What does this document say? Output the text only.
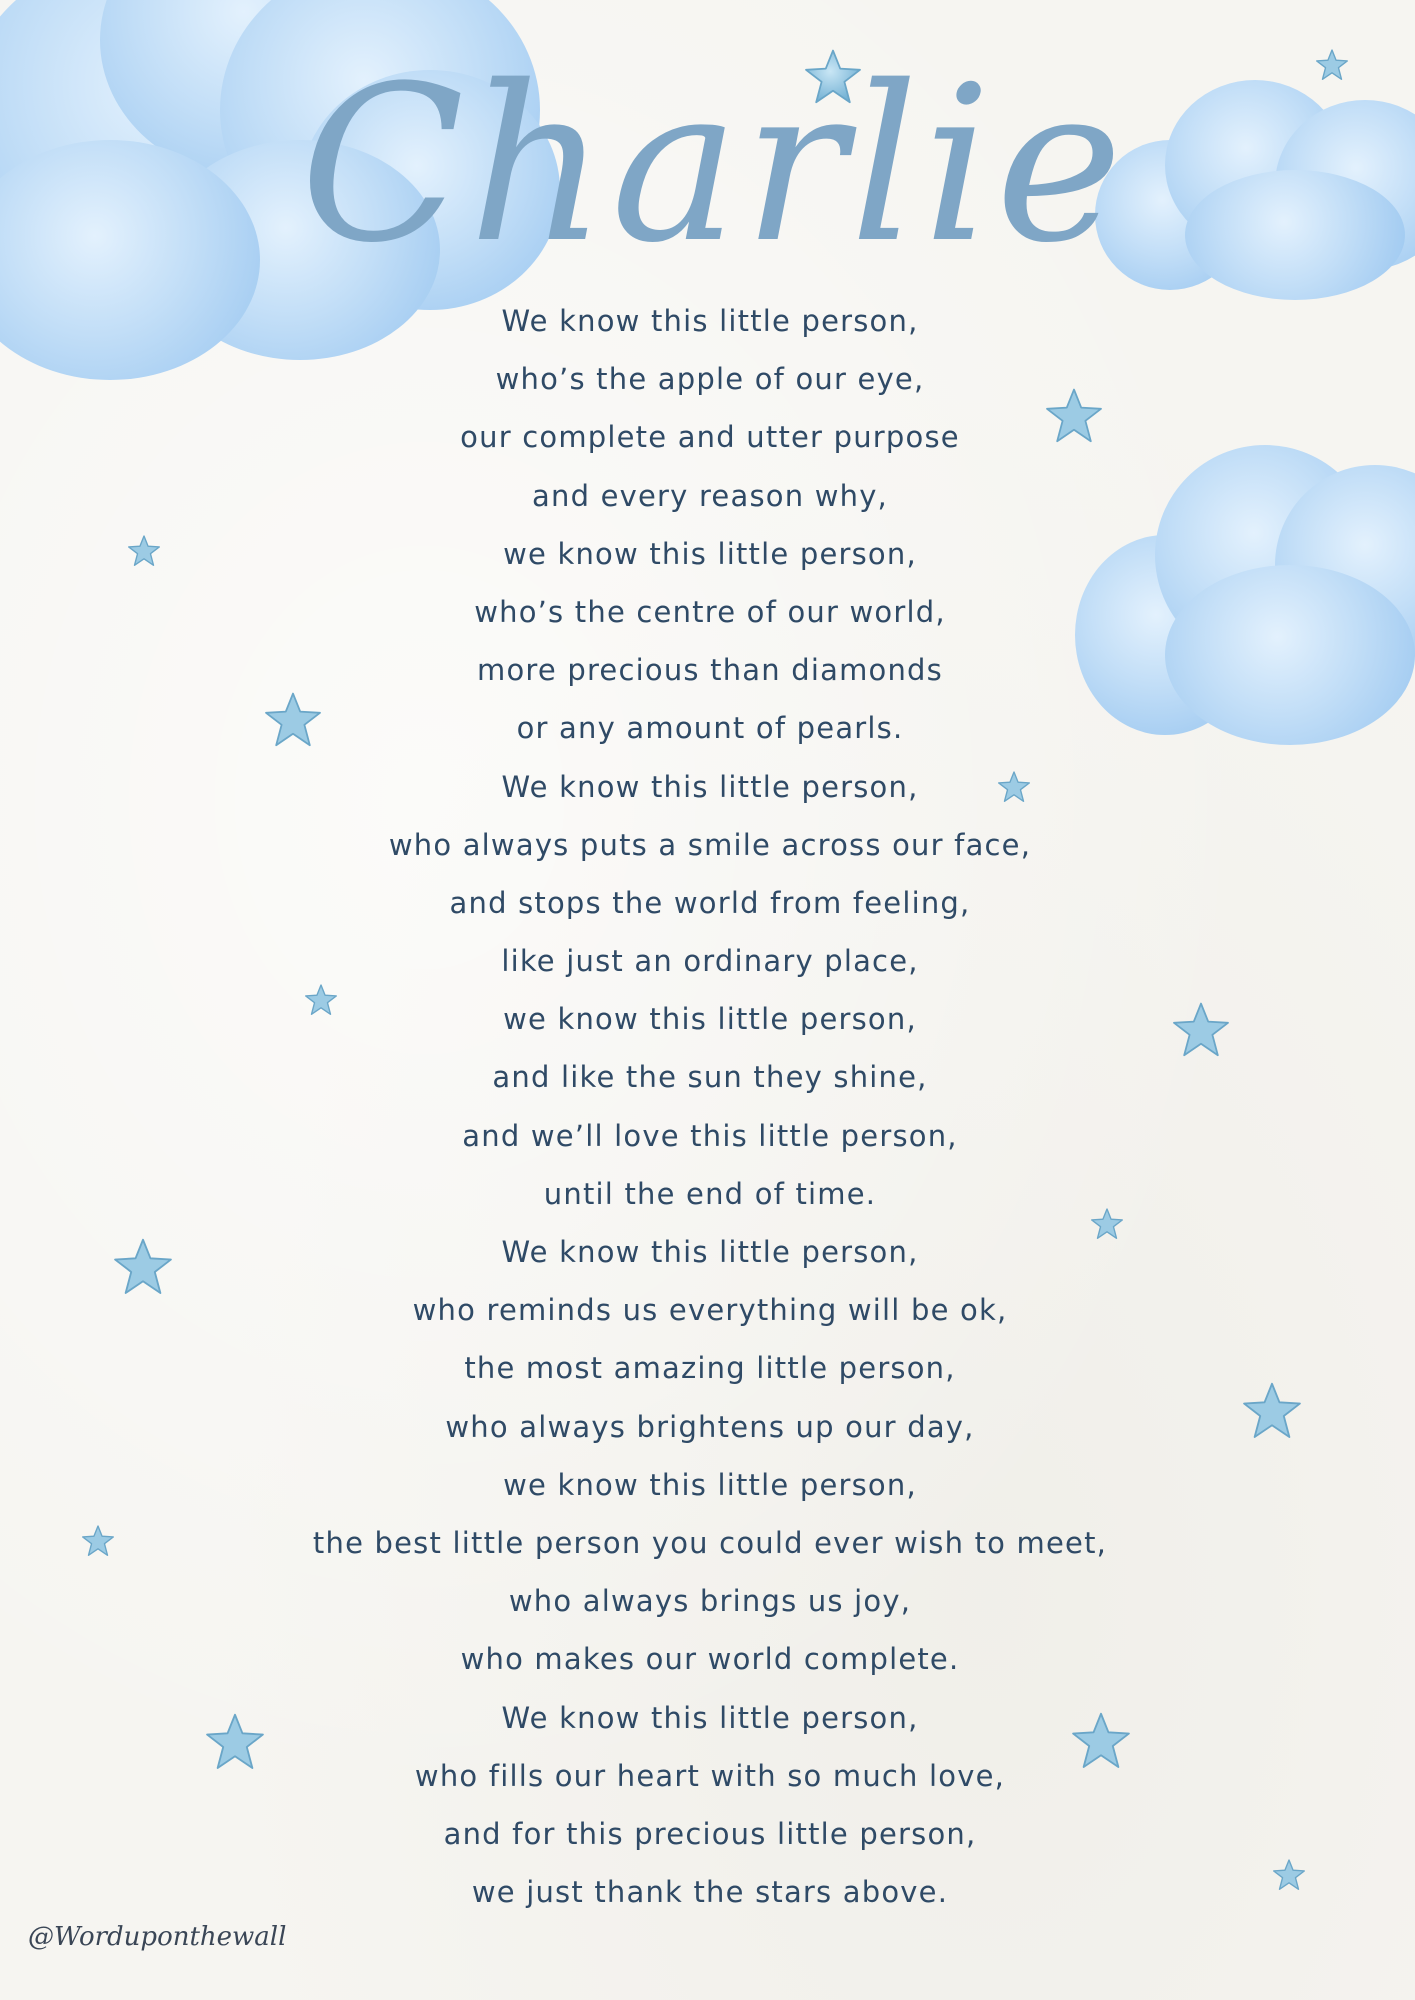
Charlie
We know this little person,
who’s the apple of our eye,
our complete and utter purpose
and every reason why,
we know this little person,
who’s the centre of our world,
more precious than diamonds
or any amount of pearls.
We know this little person,
who always puts a smile across our face,
and stops the world from feeling,
like just an ordinary place,
we know this little person,
and like the sun they shine,
and we’ll love this little person,
until the end of time.
We know this little person,
who reminds us everything will be ok,
the most amazing little person,
who always brightens up our day,
we know this little person,
the best little person you could ever wish to meet,
who always brings us joy,
who makes our world complete.
We know this little person,
who fills our heart with so much love,
and for this precious little person,
we just thank the stars above.
@Worduponthewall
